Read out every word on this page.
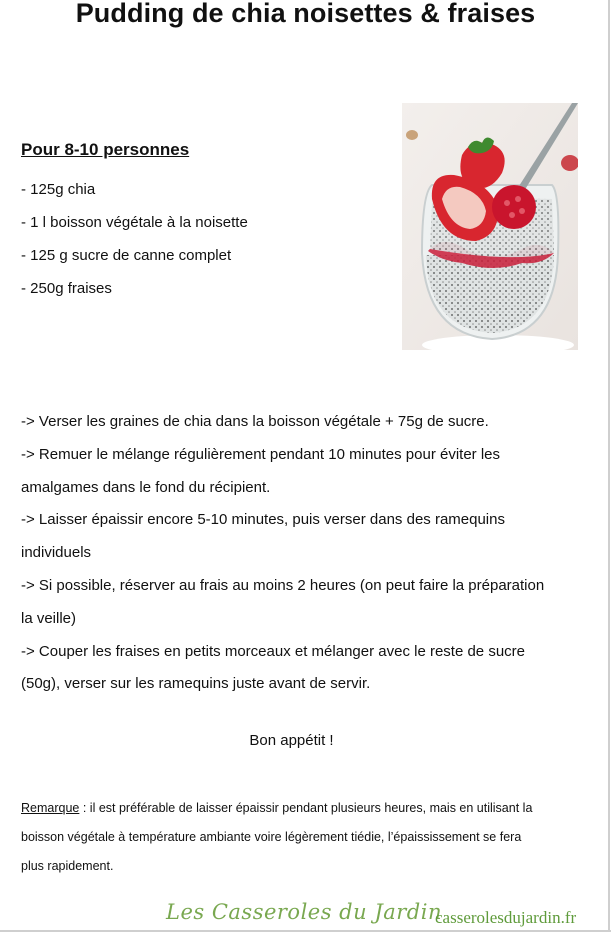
Pudding de chia noisettes & fraises
Pour 8-10 personnes
- 125g chia
- 1 l boisson végétale à la noisette
- 125 g sucre de canne complet
- 250g fraises
-> Verser les graines de chia dans la boisson végétale + 75g de sucre.
-> Remuer le mélange régulièrement pendant 10 minutes pour éviter les
amalgames dans le fond du récipient.
-> Laisser épaissir encore 5-10 minutes, puis verser dans des ramequins
individuels
-> Si possible, réserver au frais au moins 2 heures (on peut faire la préparation
la veille)
-> Couper les fraises en petits morceaux et mélanger avec le reste de sucre
(50g), verser sur les ramequins juste avant de servir.
Bon appétit !
Remarque : il est préférable de laisser épaissir pendant plusieurs heures, mais en utilisant la
boisson végétale à température ambiante voire légèrement tiédie, l’épaississement se fera
plus rapidement.
Les Casseroles du Jardin
casserolesdujardin.fr
